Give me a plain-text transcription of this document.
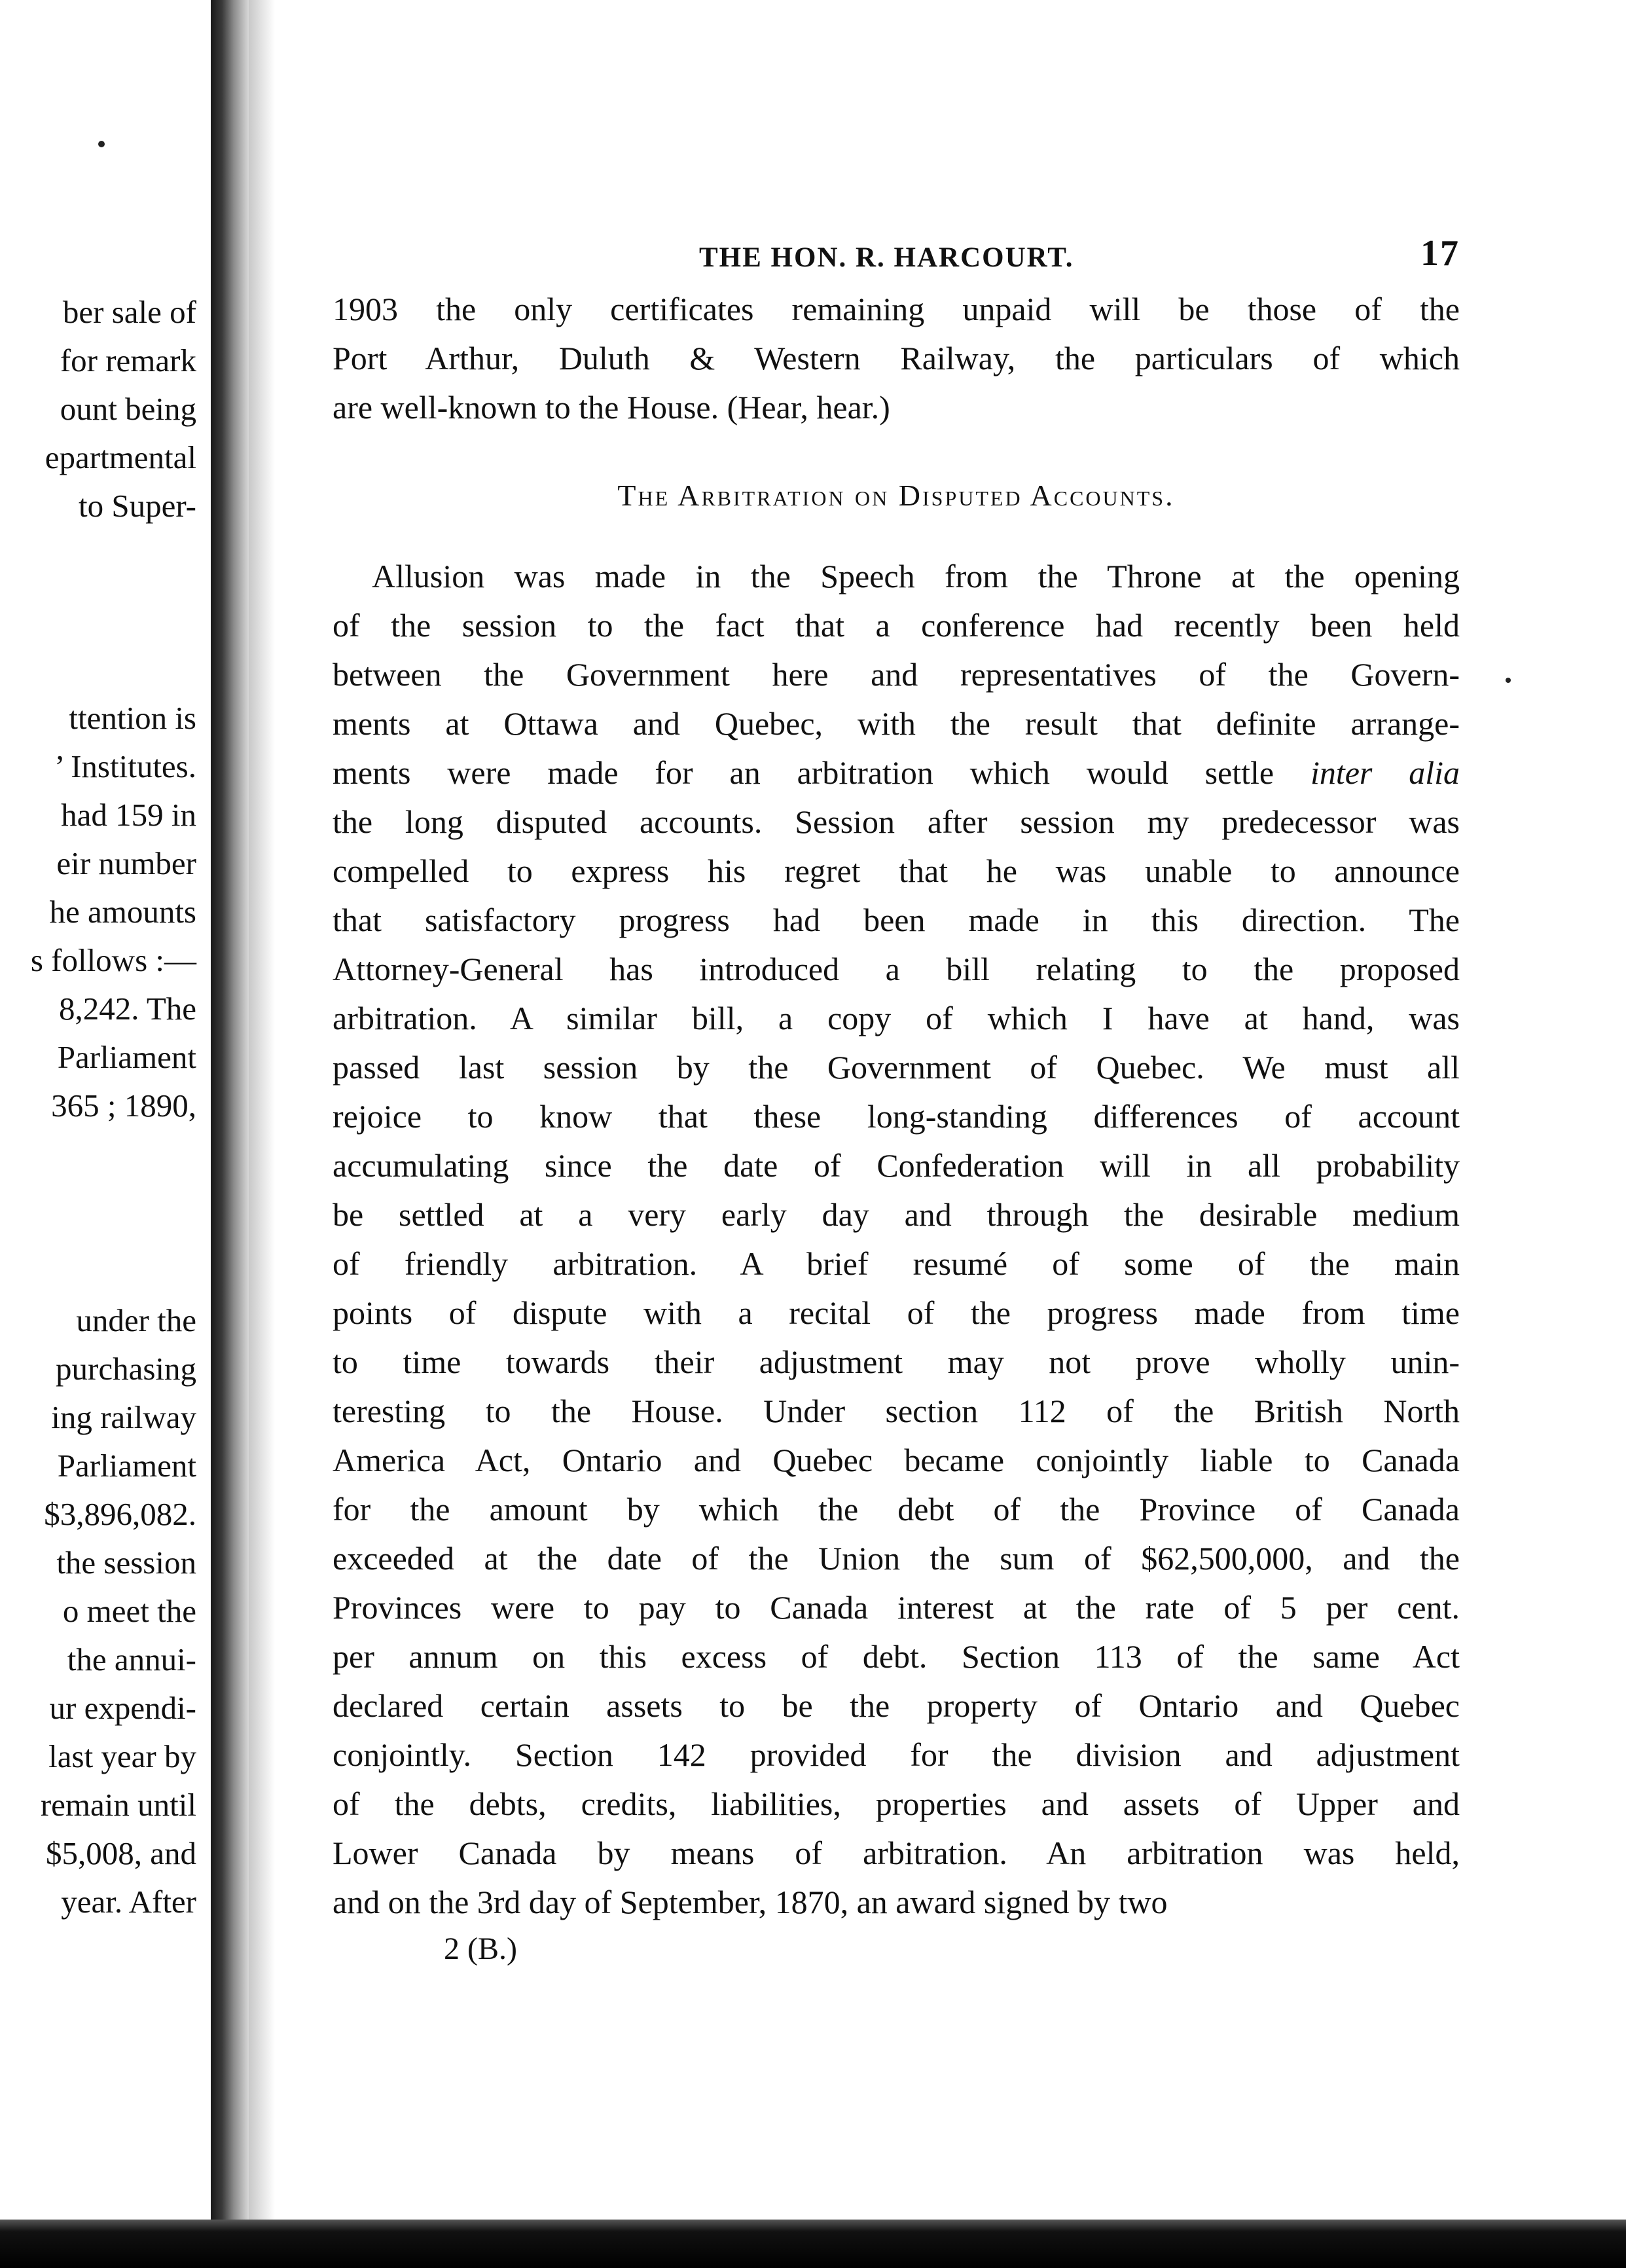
ber sale of
for remark
ount being
epartmental
to Super-
ttention is
’ Institutes.
had 159 in
eir number
he amounts
s follows :—
8,242. The
Parliament
365 ; 1890,
under the
purchasing
ing railway
Parliament
$3,896,082.
the session
o meet the
the annui-
ur expendi-
last year by
remain until
$5,008, and
year. After
THE HON. R. HARCOURT.	17

1903 the only certificates remaining unpaid will be those of the
Port Arthur, Duluth & Western Railway, the particulars of which
are well-known to the House. (Hear, hear.)

The Arbitration on Disputed Accounts.

Allusion was made in the Speech from the Throne at the opening
of the session to the fact that a conference had recently been held
between the Government here and representatives of the Govern-
ments at Ottawa and Quebec, with the result that definite arrange-
ments were made for an arbitration which would settle inter alia
the long disputed accounts. Session after session my predecessor was
compelled to express his regret that he was unable to announce
that satisfactory progress had been made in this direction. The
Attorney-General has introduced a bill relating to the proposed
arbitration. A similar bill, a copy of which I have at hand, was
passed last session by the Government of Quebec. We must all
rejoice to know that these long-standing differences of account
accumulating since the date of Confederation will in all probability
be settled at a very early day and through the desirable medium
of friendly arbitration. A brief resumé of some of the main
points of dispute with a recital of the progress made from time
to time towards their adjustment may not prove wholly unin-
teresting to the House. Under section 112 of the British North
America Act, Ontario and Quebec became conjointly liable to Canada
for the amount by which the debt of the Province of Canada
exceeded at the date of the Union the sum of $62,500,000, and the
Provinces were to pay to Canada interest at the rate of 5 per cent.
per annum on this excess of debt. Section 113 of the same Act
declared certain assets to be the property of Ontario and Quebec
conjointly. Section 142 provided for the division and adjustment
of the debts, credits, liabilities, properties and assets of Upper and
Lower Canada by means of arbitration. An arbitration was held,
and on the 3rd day of September, 1870, an award signed by two

2 (B.)
